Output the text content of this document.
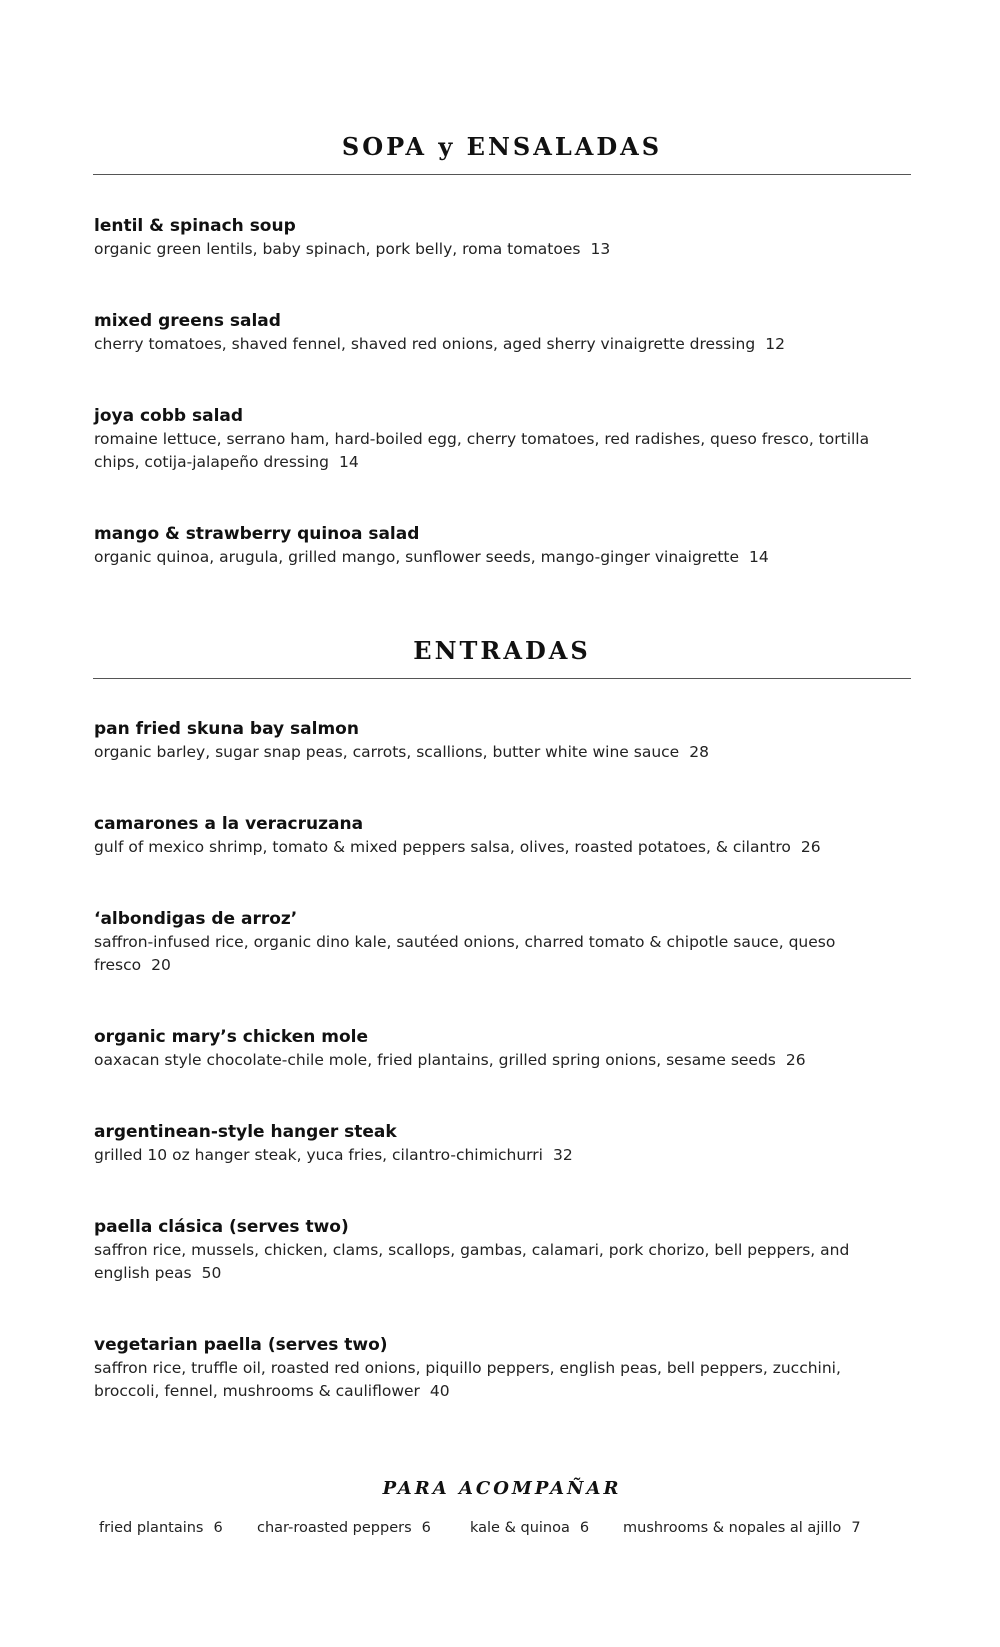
SOPA y ENSALADAS
lentil & spinach soup
organic green lentils, baby spinach, pork belly, roma tomatoes 13
mixed greens salad
cherry tomatoes, shaved fennel, shaved red onions, aged sherry vinaigrette dressing 12
joya cobb salad
romaine lettuce, serrano ham, hard-boiled egg, cherry tomatoes, red radishes, queso fresco, tortilla chips, cotija-jalapeño dressing 14
mango & strawberry quinoa salad
organic quinoa, arugula, grilled mango, sunflower seeds, mango-ginger vinaigrette 14
ENTRADAS
pan fried skuna bay salmon
organic barley, sugar snap peas, carrots, scallions, butter white wine sauce 28
camarones a la veracruzana
gulf of mexico shrimp, tomato & mixed peppers salsa, olives, roasted potatoes, & cilantro 26
‘albondigas de arroz’
saffron-infused rice, organic dino kale, sautéed onions, charred tomato & chipotle sauce, queso fresco 20
organic mary’s chicken mole
oaxacan style chocolate-chile mole, fried plantains, grilled spring onions, sesame seeds 26
argentinean-style hanger steak
grilled 10 oz hanger steak, yuca fries, cilantro-chimichurri 32
paella clásica (serves two)
saffron rice, mussels, chicken, clams, scallops, gambas, calamari, pork chorizo, bell peppers, and english peas 50
vegetarian paella (serves two)
saffron rice, truffle oil, roasted red onions, piquillo peppers, english peas, bell peppers, zucchini, broccoli, fennel, mushrooms & cauliflower 40
PARA ACOMPAÑAR
fried plantains 6 char-roasted peppers 6	kale & quinoa 6 mushrooms & nopales al ajillo 7
